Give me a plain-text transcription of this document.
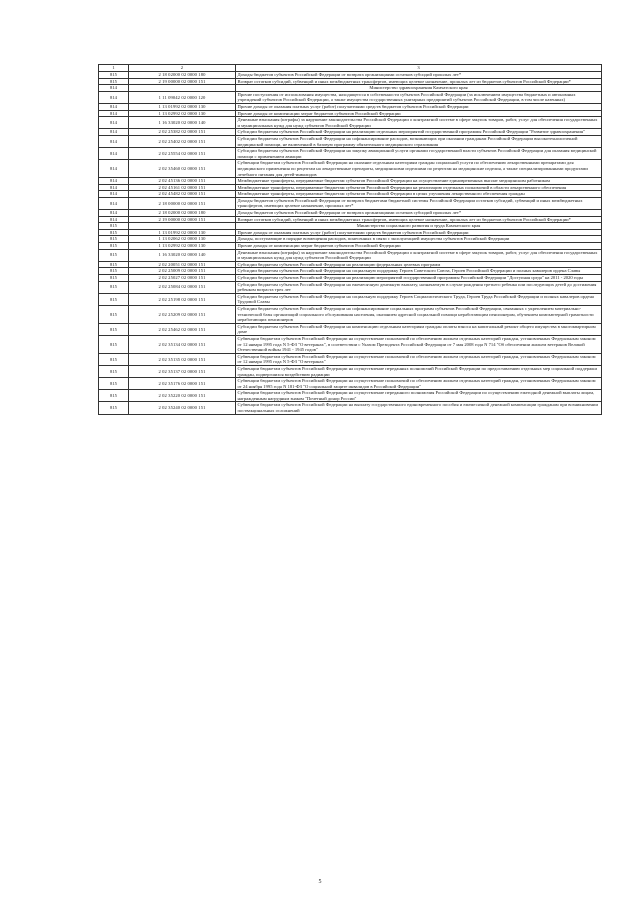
1	2	3
815	2 18 02000 02 0000 180	Доходы бюджетов субъектов Российской Федерации от возврата организациями остатков субсидий прошлых лет*
815	2 19 00000 02 0000 151	Возврат остатков субсидий, субвенций и иных межбюджетных трансфертов, имеющих целевое назначение, прошлых лет из бюджетов субъектов Российской Федерации*
814		Министерство здравоохранения Камчатского края
814	1 11 09042 02 0000 120	Прочие поступления от использования имущества, находящегося в собственности субъектов Российской Федерации (за исключением имущества бюджетных и автономных учреждений субъектов Российской Федерации, а также имущества государственных унитарных предприятий субъектов Российской Федерации, в том числе казенных)
814	1 13 01992 02 0000 130	Прочие доходы от оказания платных услуг (работ) получателями средств бюджетов субъектов Российской Федерации
814	1 13 02992 02 0000 130	Прочие доходы от компенсации затрат бюджетов субъектов Российской Федерации
814	1 16 33020 02 0000 140	Денежные взыскания (штрафы) за нарушение законодательства Российской Федерации о контрактной системе в сфере закупок товаров, работ, услуг для обеспечения государственных и муниципальных нужд для нужд субъектов Российской Федерации
814	2 02 25382 02 0000 151	Субсидии бюджетам субъектов Российской Федерации на реализацию отдельных мероприятий государственной программы Российской Федерации "Развитие здравоохранения"
814	2 02 25402 02 0000 151	Субсидии бюджетам субъектов Российской Федерации на софинансирование расходов, возникающих при оказании гражданам Российской Федерации высокотехнологичной медицинской помощи, не включенной в базовую программу обязательного медицинского страхования
814	2 02 25554 02 0000 151	Субсидии бюджетам субъектов Российской Федерации на закупку авиационной услуги органами государственной власти субъектов Российской Федерации для оказания медицинской помощи с применением авиации
814	2 02 35460 02 0000 151	Субвенции бюджетам субъектов Российской Федерации на оказание отдельным категориям граждан социальной услуги по обеспечению лекарственными препаратами для медицинского применения по рецептам на лекарственные препараты, медицинскими изделиями по рецептам на медицинские изделия, а также специализированными продуктами лечебного питания для детей-инвалидов
814	2 02 45136 02 0000 151	Межбюджетные трансферты, передаваемые бюджетам субъектов Российской Федерации на осуществление единовременных выплат медицинским работникам
814	2 02 45161 02 0000 151	Межбюджетные трансферты, передаваемые бюджетам субъектов Российской Федерации на реализацию отдельных полномочий в области лекарственного обеспечения
814	2 02 45482 02 0000 151	Межбюджетные трансферты, передаваемые бюджетам субъектов Российской Федерации в целях улучшения лекарственного обеспечения граждан
814	2 18 00000 02 0000 151	Доходы бюджетов субъектов Российской Федерации от возврата бюджетами бюджетной системы Российской Федерации остатков субсидий, субвенций и иных межбюджетных трансфертов, имеющих целевое назначение, прошлых лет*
814	2 18 02000 02 0000 180	Доходы бюджетов субъектов Российской Федерации от возврата организациями остатков субсидий прошлых лет*
814	2 19 00000 02 0000 151	Возврат остатков субсидий, субвенций и иных межбюджетных трансфертов, имеющих целевое назначение, прошлых лет из бюджетов субъектов Российской Федерации*
815		Министерство социального развития и труда Камчатского края
815	1 13 01992 02 0000 130	Прочие доходы от оказания платных услуг (работ) получателями средств бюджетов субъектов Российской Федерации
815	1 13 02062 02 0000 130	Доходы, поступающие в порядке возмещения расходов, понесенных в связи с эксплуатацией имущества субъектов Российской Федерации
815	1 13 02992 02 0000 130	Прочие доходы от компенсации затрат бюджетов субъектов Российской Федерации
815	1 16 33020 02 0000 140	Денежные взыскания (штрафы) за нарушение законодательства Российской Федерации о контрактной системе в сфере закупок товаров, работ, услуг для обеспечения государственных и муниципальных нужд для нужд субъектов Российской Федерации
815	2 02 20051 02 0000 151	Субсидии бюджетам субъектов Российской Федерации на реализацию федеральных целевых программ
815	2 02 25009 02 0000 151	Субсидии бюджетам субъектов Российской Федерации на социальную поддержку Героев Советского Союза, Героев Российской Федерации и полных кавалеров ордена Славы
815	2 02 25027 02 0000 151	Субсидии бюджетам субъектов Российской Федерации на реализацию мероприятий государственной программы Российской Федерации "Доступная среда" на 2011 - 2020 годы
815	2 02 25084 02 0000 151	Субсидии бюджетам субъектов Российской Федерации на ежемесячную денежную выплату, назначаемую в случае рождения третьего ребенка или последующих детей до достижения ребенком возраста трех лет
815	2 02 25198 02 0000 151	Субсидии бюджетам субъектов Российской Федерации на социальную поддержку Героев Социалистического Труда, Героев Труда Российской Федерации и полных кавалеров ордена Трудовой Славы
815	2 02 25209 02 0000 151	Субсидии бюджетам субъектов Российской Федерации на софинансирование социальных программ субъектов Российской Федерации, связанных с укреплением материально-технической базы организаций социального обслуживания населения, оказанием адресной социальной помощи неработающим пенсионерам, обучением компьютерной грамотности неработающих пенсионеров
815	2 02 25462 02 0000 151	Субсидии бюджетам субъектов Российской Федерации на компенсацию отдельным категориям граждан оплаты взноса на капитальный ремонт общего имущества в многоквартирном доме
815	2 02 35134 02 0000 151	Субвенции бюджетам субъектов Российской Федерации на осуществление полномочий по обеспечению жильем отдельных категорий граждан, установленных Федеральным законом от 12 января 1995 года N 5-ФЗ "О ветеранах", в соответствии с Указом Президента Российской Федерации от 7 мая 2008 года N 714 "Об обеспечении жильем ветеранов Великой Отечественной войны 1941 - 1945 годов"
815	2 02 35135 02 0000 151	Субвенции бюджетам субъектов Российской Федерации на осуществление полномочий по обеспечению жильем отдельных категорий граждан, установленных Федеральным законом от 12 января 1995 года N 5-ФЗ "О ветеранах"
815	2 02 35137 02 0000 151	Субвенции бюджетам субъектов Российской Федерации на осуществление переданных полномочий Российской Федерации по предоставлению отдельных мер социальной поддержки граждан, подвергшихся воздействию радиации
815	2 02 35176 02 0000 151	Субвенции бюджетам субъектов Российской Федерации на осуществление полномочий по обеспечению жильем отдельных категорий граждан, установленных Федеральным законом от 24 ноября 1995 года N 181-ФЗ "О социальной защите инвалидов в Российской Федерации"
815	2 02 35220 02 0000 151	Субвенции бюджетам субъектов Российской Федерации на осуществление переданного полномочия Российской Федерации по осуществлению ежегодной денежной выплаты лицам, награжденным нагрудным знаком "Почетный донор России"
815	2 02 35240 02 0000 151	Субвенции бюджетам субъектов Российской Федерации на выплату государственного единовременного пособия и ежемесячной денежной компенсации гражданам при возникновении поствакцинальных осложнений
5
